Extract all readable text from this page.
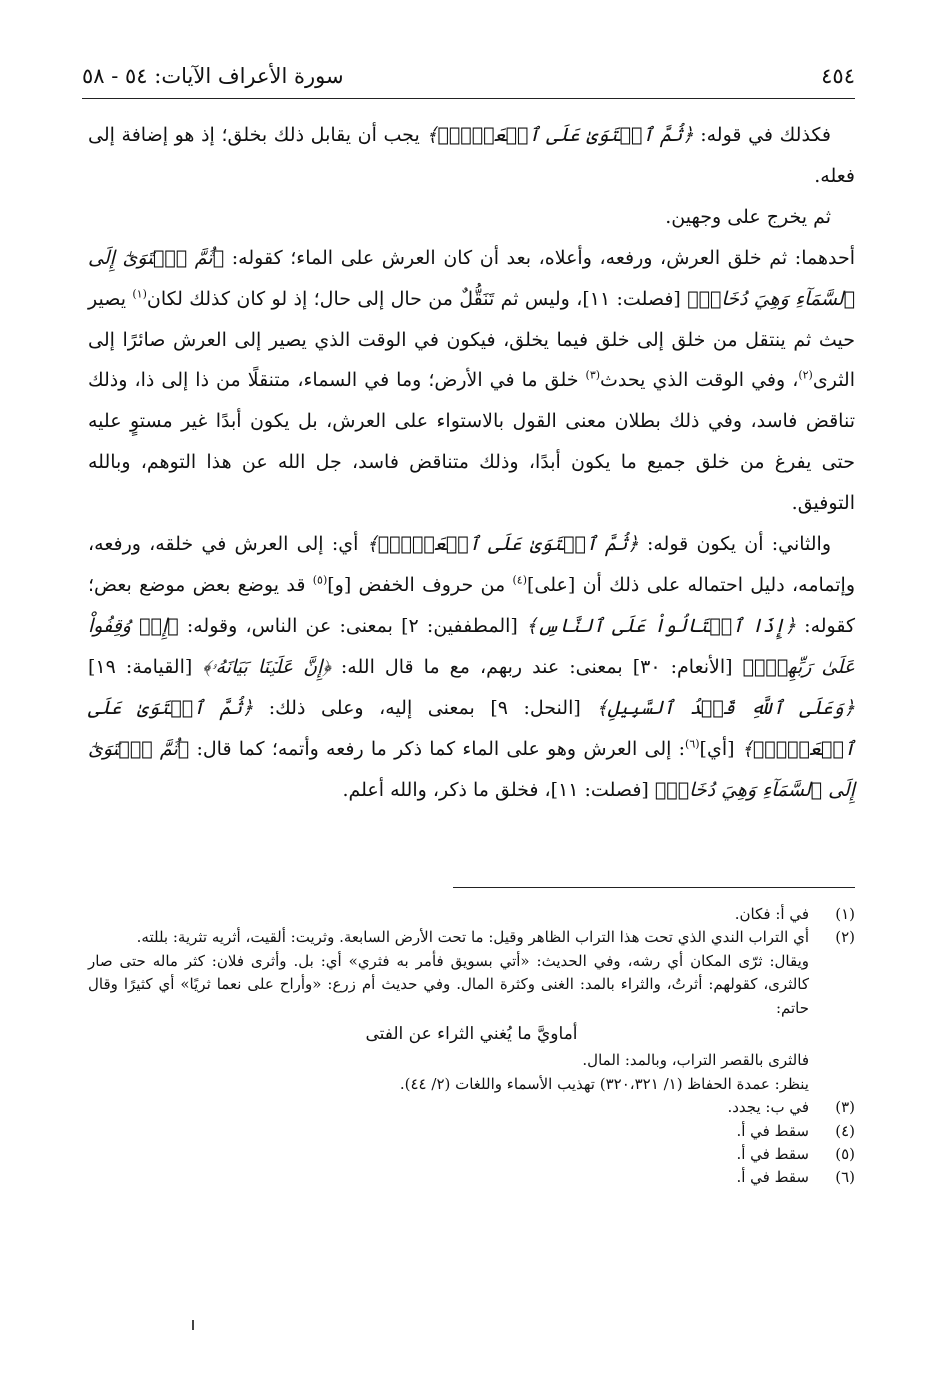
٤٥٤
سورة الأعراف الآيات: ٥٤ - ٥٨

فكذلك في قوله: ﴿ثُمَّ ٱسۡتَوَىٰ عَلَى ٱلۡعَرۡشِۖ﴾ يجب أن يقابل ذلك بخلق؛ إذ هو إضافة إلى فعله.

ثم يخرج على وجهين.

أحدهما: ثم خلق العرش، ورفعه، وأعلاه، بعد أن كان العرش على الماء؛ كقوله: ﴿ثُمَّ ٱسۡتَوَىٰٓ إِلَى ٱلسَّمَآءِ وَهِيَ دُخَانٞ﴾ [فصلت: ١١]، وليس ثم تَنَقُّلٌ من حال إلى حال؛ إذ لو كان كذلك لكان$^{(١)}$ يصير حيث ثم ينتقل من خلق إلى خلق فيما يخلق، فيكون في الوقت الذي يصير إلى العرش صائرًا إلى الثرى$^{(٢)}$، وفي الوقت الذي يحدث$^{(٣)}$ خلق ما في الأرض؛ وما في السماء، متنقلًا من ذا إلى ذا، وذلك تناقض فاسد، وفي ذلك بطلان معنى القول بالاستواء على العرش، بل يكون أبدًا غير مستوٍ عليه حتى يفرغ من خلق جميع ما يكون أبدًا، وذلك متناقض فاسد، جل الله عن هذا التوهم، وبالله التوفيق.

والثاني: أن يكون قوله: ﴿ثُمَّ ٱسۡتَوَىٰ عَلَى ٱلۡعَرۡشِۖ﴾ أي: إلى العرش في خلقه، ورفعه، وإتمامه، دليل احتماله على ذلك أن [على]$^{(٤)}$ من حروف الخفض [و]$^{(٥)}$ قد يوضع بعض موضع بعض؛ كقوله: ﴿إِذَا ٱكۡتَالُواْ عَلَى ٱلنَّاسِ﴾ [المطففين: ٢] بمعنى: عن الناس، وقوله: ﴿إِذۡ وُقِفُواْ عَلَىٰ رَبِّهِمۡۚ﴾ [الأنعام: ٣٠] بمعنى: عند ربهم، مع ما قال الله: ﴿إِنَّ عَلَيۡنَا بَيَانَهُۥ﴾ [القيامة: ١٩] ﴿وَعَلَى ٱللَّهِ قَصۡدُ ٱلسَّبِيلِ﴾ [النحل: ٩] بمعنى إليه، وعلى ذلك: ﴿ثُمَّ ٱسۡتَوَىٰ عَلَى ٱلۡعَرۡشِۖ﴾ [أي]$^{(٦)}$: إلى العرش وهو على الماء كما ذكر ما رفعه وأتمه؛ كما قال: ﴿ثُمَّ ٱسۡتَوَىٰٓ إِلَى ٱلسَّمَآءِ وَهِيَ دُخَانٞ﴾ [فصلت: ١١]، فخلق ما ذكر، والله أعلم.

(١)
في أ: فكان.
(٢)
أي التراب الندي الذي تحت هذا التراب الظاهر وقيل: ما تحت الأرض السابعة. وثريت: ألقيت، أثريه تثرية: بللته.

ويقال: ثرّى المكان أي رشه، وفي الحديث: «أتي بسويق فأمر به فثري» أي: بل. وأثرى فلان: كثر ماله حتى صار كالثرى، كقولهم: أثرتُ، والثراء بالمد: الغنى وكثرة المال. وفي حديث أم زرع: «وأراح على نعما ثريًا» أي كثيرًا وقال حاتم:

أماويَّ ما يُغني الثراء عن الفتى

فالثرى بالقصر التراب، وبالمد: المال.

ينظر: عمدة الحفاظ (١/ ٣٢٠،٣٢١) تهذيب الأسماء واللغات (٢/ ٤٤).

(٣)
في ب: يجدد.
(٤)
سقط في أ.
(٥)
سقط في أ.
(٦)
سقط في أ.
